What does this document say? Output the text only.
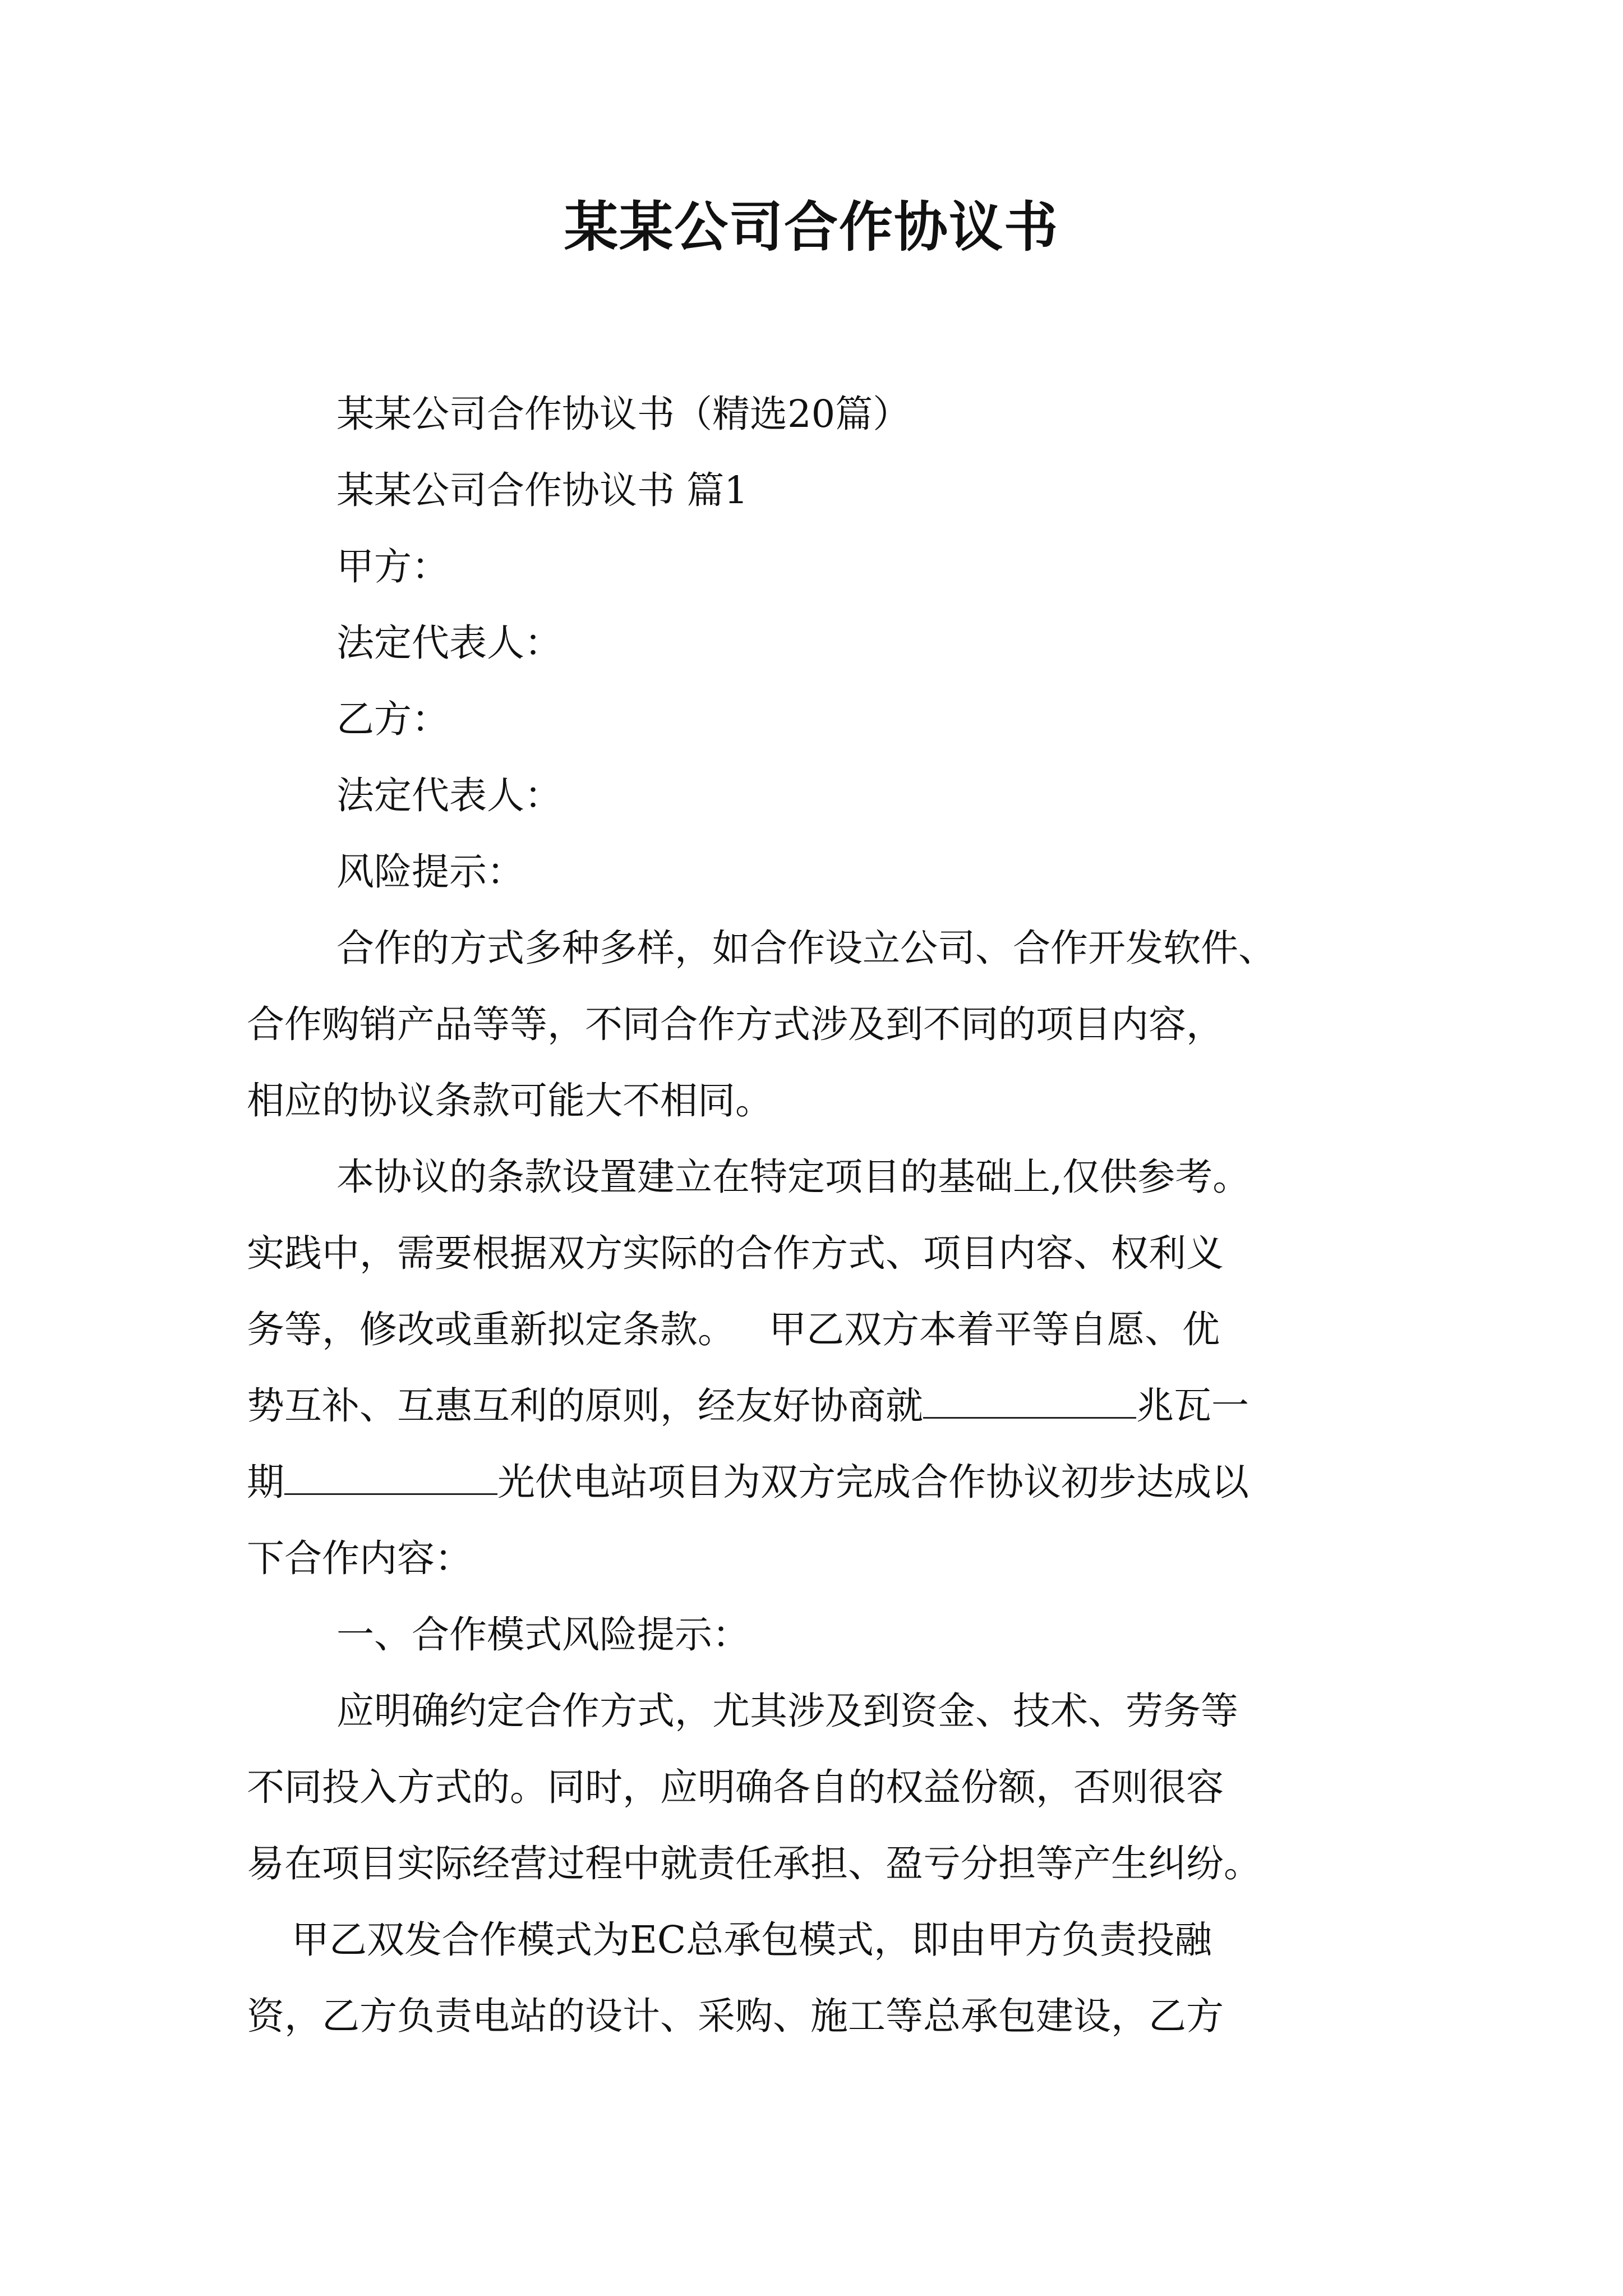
某某公司合作协议书
某某公司合作协议书（精选20篇）
某某公司合作协议书 篇1
甲方：
法定代表人：
乙方：
法定代表人：
风险提示：
合作的方式多种多样，如合作设立公司、合作开发软件、
合作购销产品等等，不同合作方式涉及到不同的项目内容，
相应的协议条款可能大不相同。
本协议的条款设置建立在特定项目的基础上,仅供参考。
实践中，需要根据双方实际的合作方式、项目内容、权利义
务等，修改或重新拟定条款。 甲乙双方本着平等自愿、优
势互补、互惠互利的原则，经友好协商就	兆瓦一
期	光伏电站项目为双方完成合作协议初步达成以
下合作内容：
一、合作模式风险提示：
应明确约定合作方式，尤其涉及到资金、技术、劳务等
不同投入方式的。同时，应明确各自的权益份额，否则很容
易在项目实际经营过程中就责任承担、盈亏分担等产生纠纷。
甲乙双发合作模式为EC总承包模式，即由甲方负责投融
资，乙方负责电站的设计、采购、施工等总承包建设，乙方
